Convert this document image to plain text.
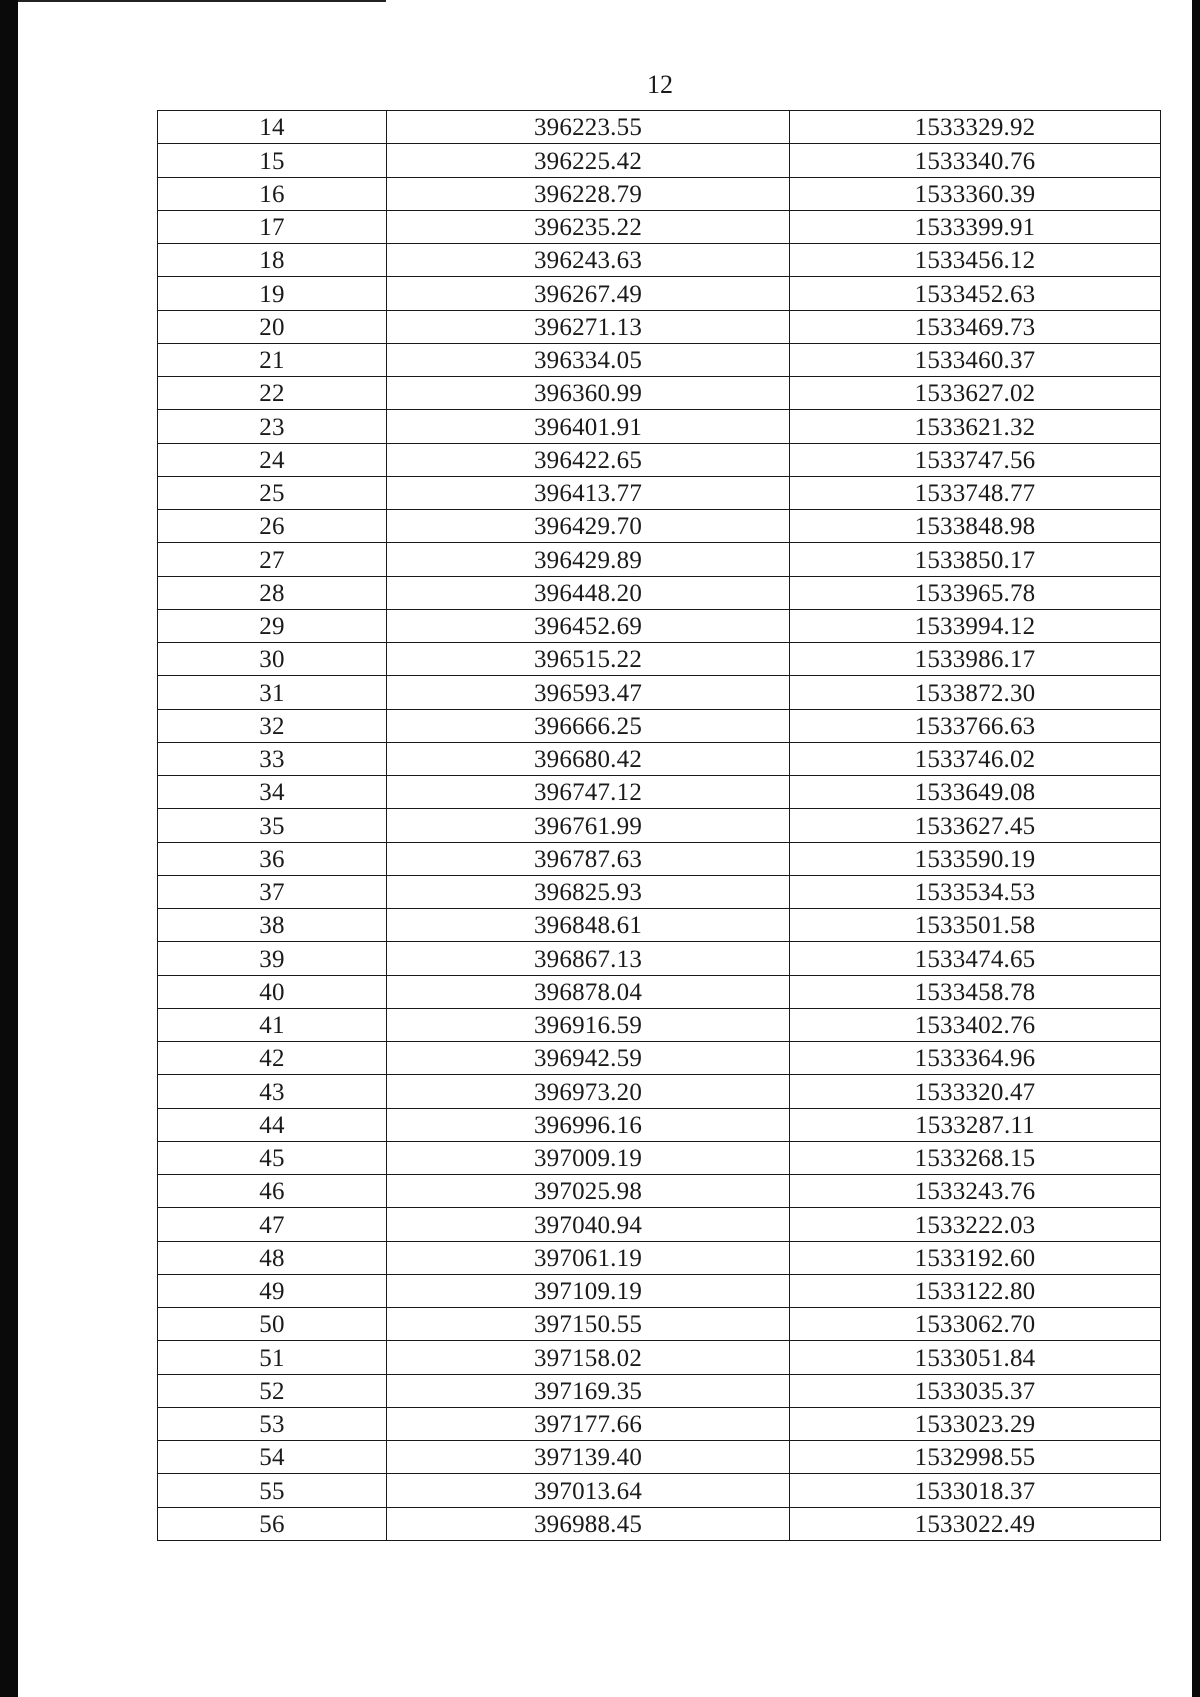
12
14	396223.55	1533329.92
15	396225.42	1533340.76
16	396228.79	1533360.39
17	396235.22	1533399.91
18	396243.63	1533456.12
19	396267.49	1533452.63
20	396271.13	1533469.73
21	396334.05	1533460.37
22	396360.99	1533627.02
23	396401.91	1533621.32
24	396422.65	1533747.56
25	396413.77	1533748.77
26	396429.70	1533848.98
27	396429.89	1533850.17
28	396448.20	1533965.78
29	396452.69	1533994.12
30	396515.22	1533986.17
31	396593.47	1533872.30
32	396666.25	1533766.63
33	396680.42	1533746.02
34	396747.12	1533649.08
35	396761.99	1533627.45
36	396787.63	1533590.19
37	396825.93	1533534.53
38	396848.61	1533501.58
39	396867.13	1533474.65
40	396878.04	1533458.78
41	396916.59	1533402.76
42	396942.59	1533364.96
43	396973.20	1533320.47
44	396996.16	1533287.11
45	397009.19	1533268.15
46	397025.98	1533243.76
47	397040.94	1533222.03
48	397061.19	1533192.60
49	397109.19	1533122.80
50	397150.55	1533062.70
51	397158.02	1533051.84
52	397169.35	1533035.37
53	397177.66	1533023.29
54	397139.40	1532998.55
55	397013.64	1533018.37
56	396988.45	1533022.49
